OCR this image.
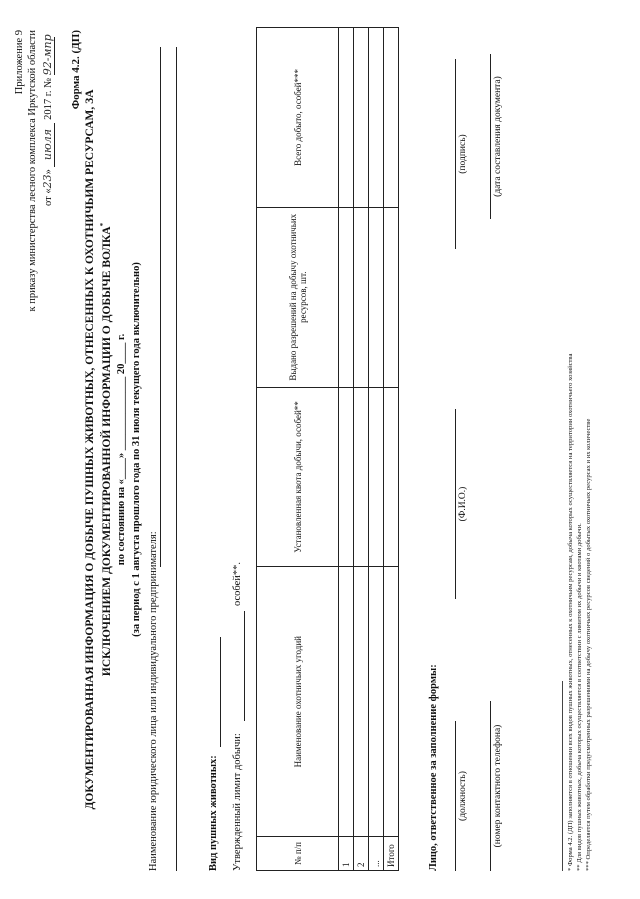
Приложение 9 к приказу министерства лесного комплекса Иркутской области от «23» июля 2017 г. № 92-мпр Форма 4.2. (ДП)
ДОКУМЕНТИРОВАННАЯ ИНФОРМАЦИЯ О ДОБЫЧЕ ПУШНЫХ ЖИВОТНЫХ, ОТНЕСЕННЫХ К ОХОТНИЧЬИМ РЕСУРСАМ, ЗА ИСКЛЮЧЕНИЕМ ДОКУМЕНТИРОВАННОЙ ИНФОРМАЦИИ О ДОБЫЧЕ ВОЛКА*
по состоянию на «____» ______________ 20____ г. (за период с 1 августа прошлого года по 31 июля текущего года включительно)
Наименование юридического лица или индивидуального предпринимателя:	Вид пушных животных: Утвержденный лимит добычи:
особей**.
№ п/п	Наименование охотничьих угодий	Установленная квота добычи, особей**	Выдано разрешений на добычу охотничьих ресурсов, шт.	Всего добыто, особей***
1				
2				
...				
Итого					Лицо, ответственное за заполнение формы: (должность)
(Ф.И.О.)
(подпись)
(номер контактного телефона)
(дата составления документа)
* Форма 4.2. (ДП) заполняется в отношении всех видов пушных животных, отнесенных к охотничьим ресурсам, добыча которых осуществляется на территории охотничьего хозяйства ** Для видов пушных животных, добыча которых осуществляется в соответствии с лимитом их добычи и квотами добычи. *** Определяется путем обработки предусмотренных разрешениями на добычу охотничьих ресурсов сведений о добытых охотничьих ресурсах и их количестве
